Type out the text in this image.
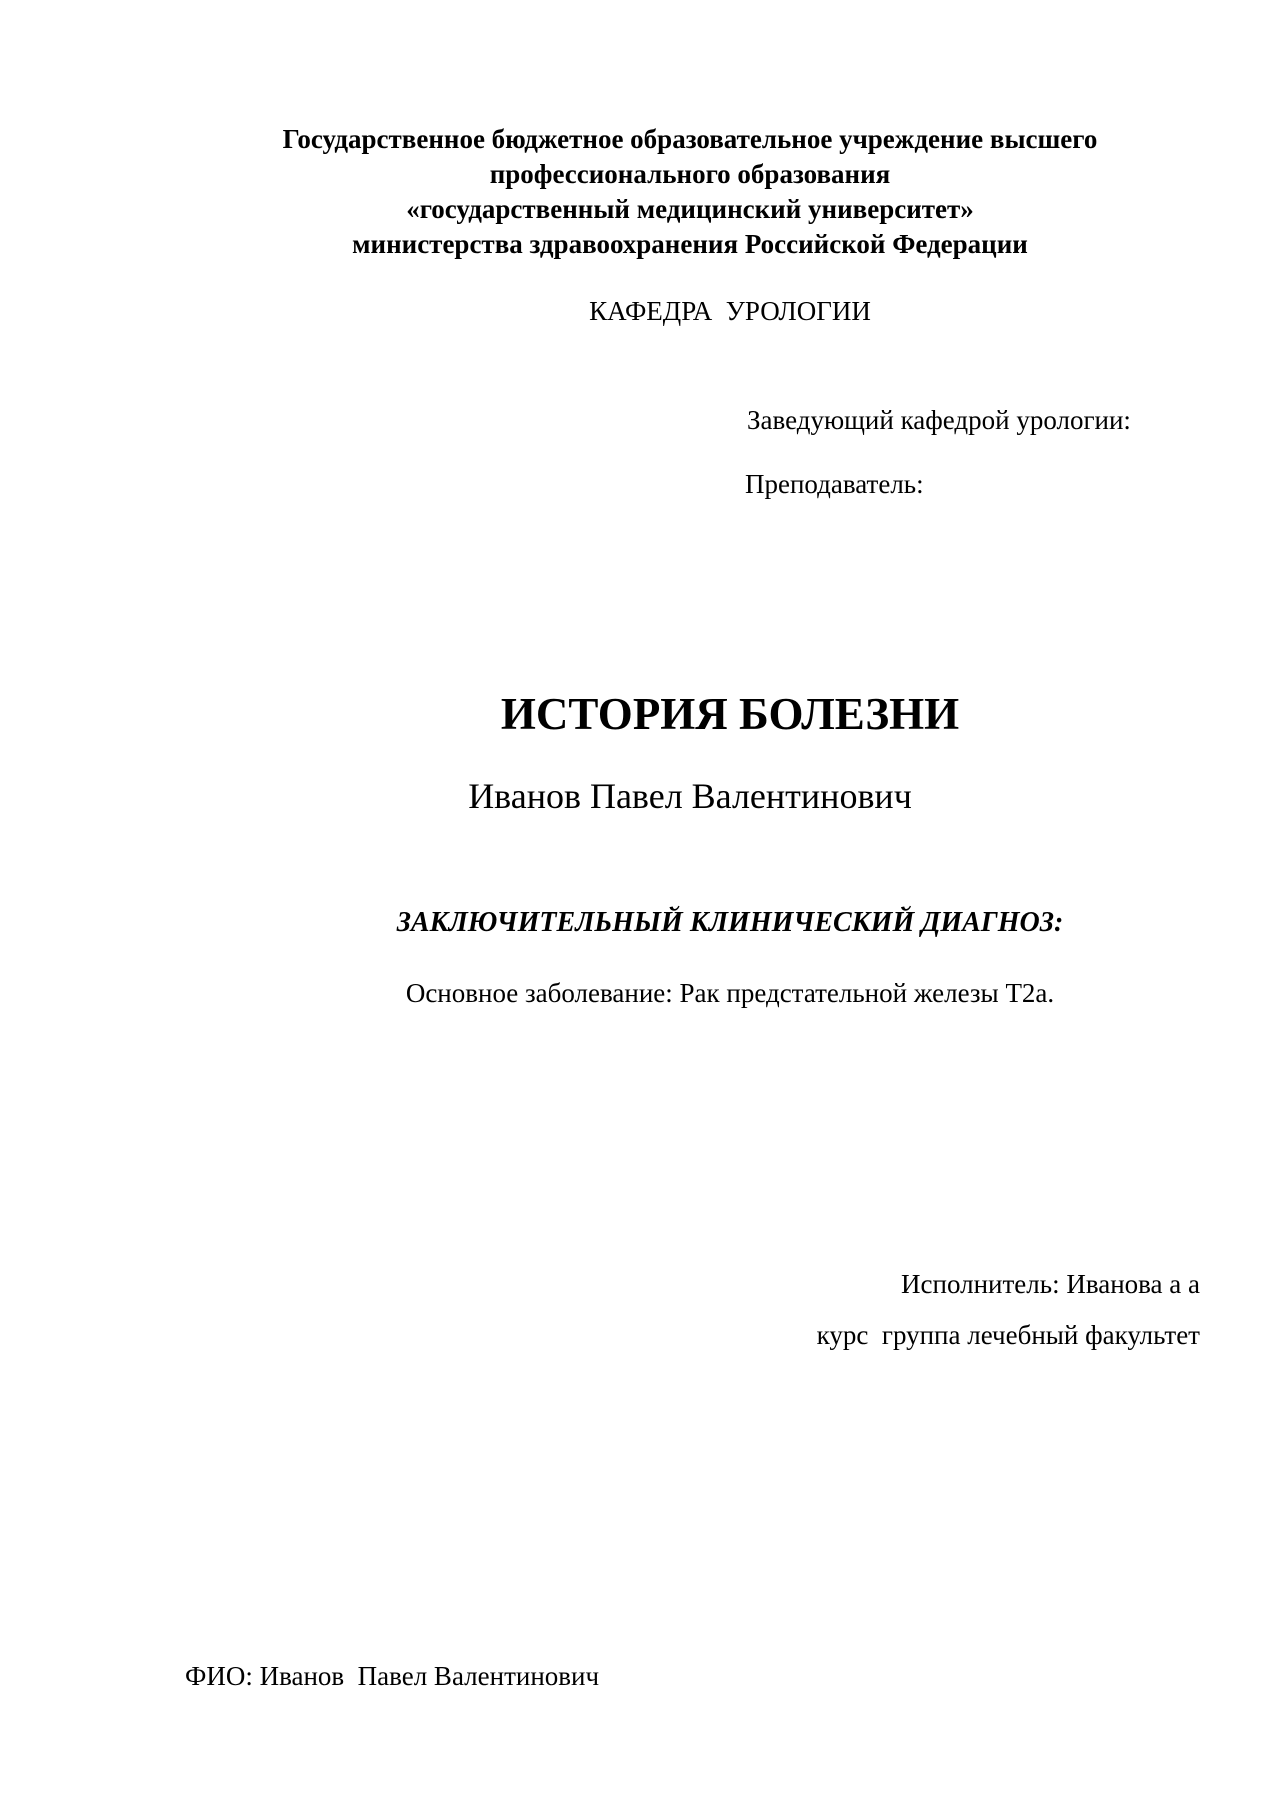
Государственное бюджетное образовательное учреждение высшего
профессионального образования
«государственный медицинский университет»
министерства здравоохранения Российской Федерации
КАФЕДРА  УРОЛОГИИ
Заведующий кафедрой урологии:
Преподаватель:
ИСТОРИЯ БОЛЕЗНИ
Иванов Павел Валентинович
ЗАКЛЮЧИТЕЛЬНЫЙ КЛИНИЧЕСКИЙ ДИАГНОЗ:
Основное заболевание: Рак предстательной железы Т2а.
Исполнитель: Иванова а а
курс  группа лечебный факультет
ФИО: Иванов  Павел Валентинович
